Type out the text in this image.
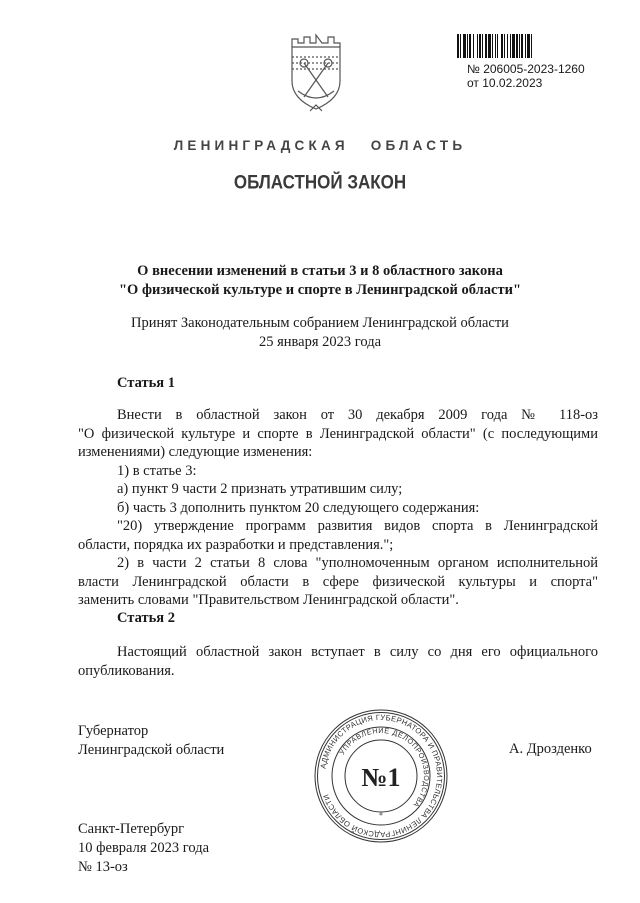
№ 206005-2023-1260
от 10.02.2023
ЛЕНИНГРАДСКАЯ ОБЛАСТЬ
ОБЛАСТНОЙ ЗАКОН
О внесении изменений в статьи 3 и 8 областного закона
"О физической культуре и спорте в Ленинградской области"
Принят Законодательным собранием Ленинградской области
25 января 2023 года
Статья 1

Внести в областной закон от 30 декабря 2009 года № 118-оз

"О физической культуре и спорте в Ленинградской области" (с последующими

изменениями) следующие изменения:

1) в статье 3:

а) пункт 9 части 2 признать утратившим силу;

б) часть 3 дополнить пунктом 20 следующего содержания:

"20) утверждение программ развития видов спорта в Ленинградской

области, порядка их разработки и представления.";

2) в части 2 статьи 8 слова "уполномоченным органом исполнительной

власти Ленинградской области в сфере физической культуры и спорта"

заменить словами "Правительством Ленинградской области".

Статья 2

Настоящий областной закон вступает в силу со дня его официального

опубликования.

Губернатор
Ленинградской области
АДМИНИСТРАЦИЯ ГУБЕРНАТОРА И ПРАВИТЕЛЬСТВА ЛЕНИНГРАДСКОЙ ОБЛАСТИ
УПРАВЛЕНИЕ ДЕЛОПРОИЗВОДСТВА
№1
*
А. Дрозденко
Санкт-Петербург
10 февраля 2023 года
№ 13-оз
